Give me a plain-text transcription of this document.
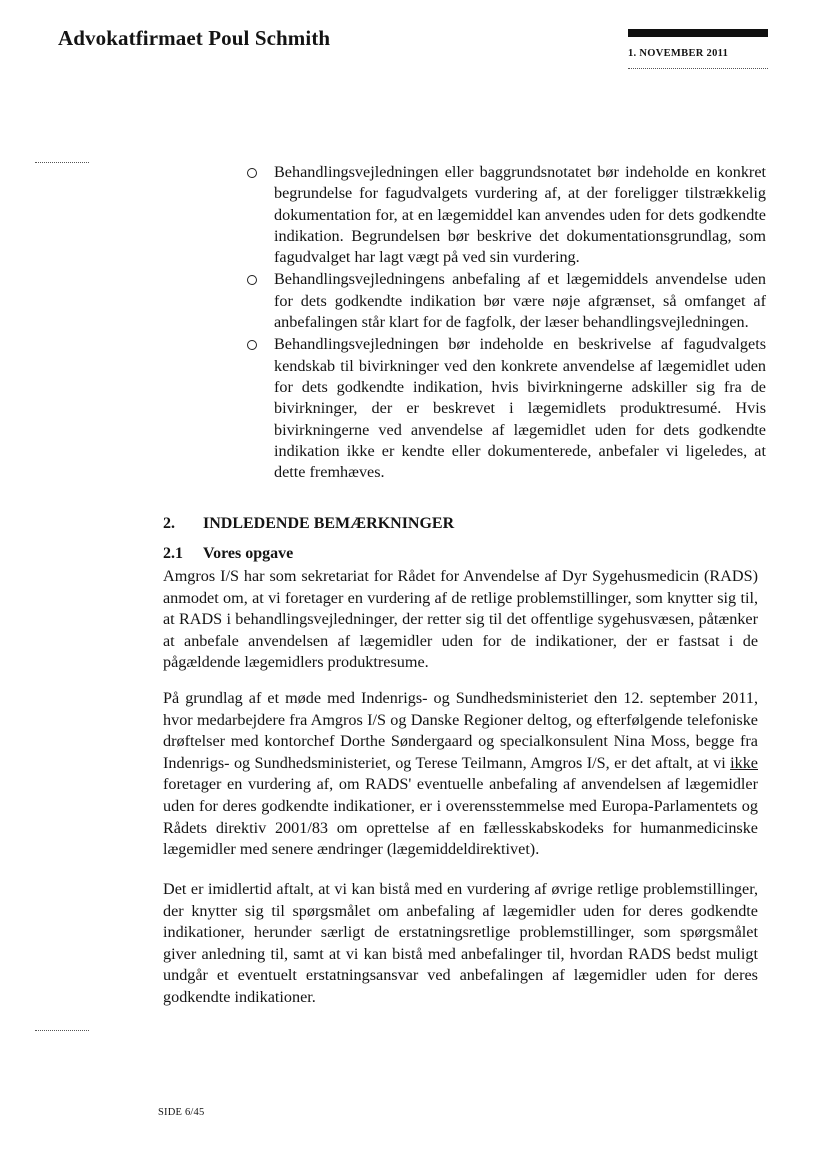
Advokatfirmaet Poul Schmith
1. NOVEMBER 2011
Behandlingsvejledningen eller baggrundsnotatet bør indeholde en konkret begrundelse for fagudvalgets vurdering af, at der foreligger tilstrækkelig dokumentation for, at en lægemiddel kan anvendes uden for dets godkendte indikation. Begrundelsen bør beskrive det dokumentationsgrundlag, som fagudvalget har lagt vægt på ved sin vurdering.
Behandlingsvejledningens anbefaling af et lægemiddels anvendelse uden for dets godkendte indikation bør være nøje afgrænset, så omfanget af anbefalingen står klart for de fagfolk, der læser behandlingsvejledningen.
Behandlingsvejledningen bør indeholde en beskrivelse af fagudvalgets kendskab til bivirkninger ved den konkrete anvendelse af lægemidlet uden for dets godkendte indikation, hvis bivirkningerne adskiller sig fra de bivirkninger, der er beskrevet i lægemidlets produktresumé. Hvis bivirkningerne ved anvendelse af lægemidlet uden for dets godkendte indikation ikke er kendte eller dokumenterede, anbefaler vi ligeledes, at dette fremhæves.
2. INDLEDENDE BEMÆRKNINGER
2.1 Vores opgave

Amgros I/S har som sekretariat for Rådet for Anvendelse af Dyr Sygehusmedicin (RADS) anmodet om, at vi foretager en vurdering af de retlige problemstillinger, som knytter sig til, at RADS i behandlingsvejledninger, der retter sig til det offentlige sygehusvæsen, påtænker at anbefale anvendelsen af lægemidler uden for de indikationer, der er fastsat i de pågældende lægemidlers produktresume.

På grundlag af et møde med Indenrigs- og Sundhedsministeriet den 12. september 2011, hvor medarbejdere fra Amgros I/S og Danske Regioner deltog, og efterfølgende telefoniske drøftelser med kontorchef Dorthe Søndergaard og specialkonsulent Nina Moss, begge fra Indenrigs- og Sundhedsministeriet, og Terese Teilmann, Amgros I/S, er det aftalt, at vi ikke foretager en vurdering af, om RADS' eventuelle anbefaling af anvendelsen af lægemidler uden for deres godkendte indikationer, er i overensstemmelse med Europa-Parlamentets og Rådets direktiv 2001/83 om oprettelse af en fællesskabskodeks for humanmedicinske lægemidler med senere ændringer (lægemiddeldirektivet).

Det er imidlertid aftalt, at vi kan bistå med en vurdering af øvrige retlige problemstillinger, der knytter sig til spørgsmålet om anbefaling af lægemidler uden for deres godkendte indikationer, herunder særligt de erstatningsretlige problemstillinger, som spørgsmålet giver anledning til, samt at vi kan bistå med anbefalinger til, hvordan RADS bedst muligt undgår et eventuelt erstatningsansvar ved anbefalingen af lægemidler uden for deres godkendte indikationer.

SIDE 6/45
